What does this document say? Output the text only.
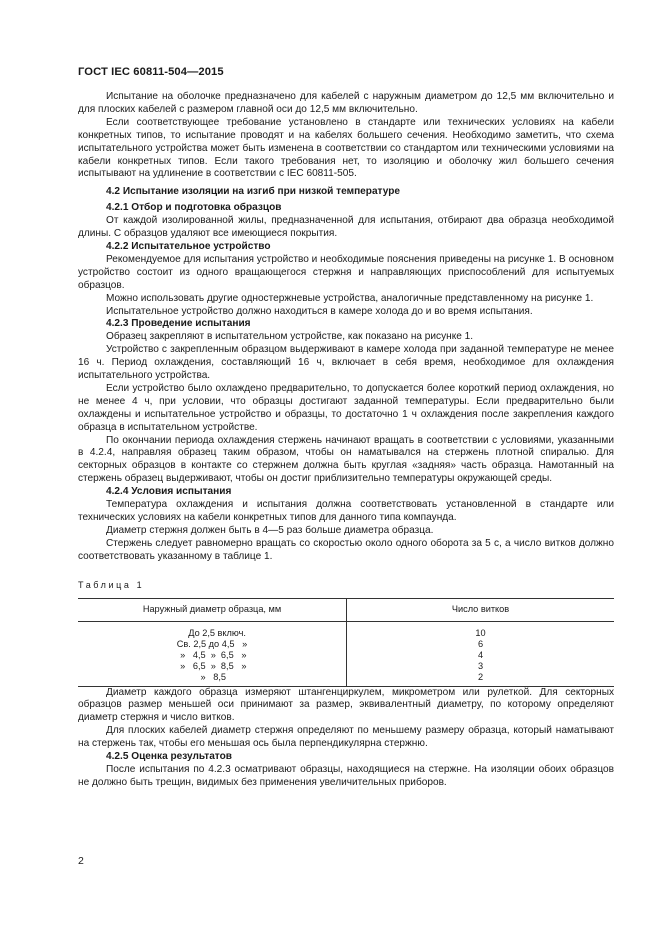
ГОСТ IEC 60811-504—2015

Испытание на оболочке предназначено для кабелей с наружным диаметром до 12,5 мм включительно и для плоских кабелей с размером главной оси до 12,5 мм включительно.

Если соответствующее требование установлено в стандарте или технических условиях на кабели конкретных типов, то испытание проводят и на кабелях большего сечения. Необходимо заметить, что схема испытательного устройства может быть изменена в соответствии со стандартом или техническими условиями на кабели конкретных типов. Если такого требования нет, то изоляцию и оболочку жил большего сечения испытывают на удлинение в соответствии с IEC 60811-505.

4.2 Испытание изоляции на изгиб при низкой температуре
4.2.1 Отбор и подготовка образцов

От каждой изолированной жилы, предназначенной для испытания, отбирают два образца необходимой длины. С образцов удаляют все имеющиеся покрытия.

4.2.2 Испытательное устройство

Рекомендуемое для испытания устройство и необходимые пояснения приведены на рисунке 1. В основном устройство состоит из одного вращающегося стержня и направляющих приспособлений для испытуемых образцов.

Можно использовать другие одностержневые устройства, аналогичные представленному на рисунке 1.

Испытательное устройство должно находиться в камере холода до и во время испытания.

4.2.3 Проведение испытания

Образец закрепляют в испытательном устройстве, как показано на рисунке 1.

Устройство с закрепленным образцом выдерживают в камере холода при заданной температуре не менее 16 ч. Период охлаждения, составляющий 16 ч, включает в себя время, необходимое для охлаждения испытательного устройства.

Если устройство было охлаждено предварительно, то допускается более короткий период охлаждения, но не менее 4 ч, при условии, что образцы достигают заданной температуры. Если предварительно были охлаждены и испытательное устройство и образцы, то достаточно 1 ч охлаждения после закрепления каждого образца в испытательном устройстве.

По окончании периода охлаждения стержень начинают вращать в соответствии с условиями, указанными в 4.2.4, направляя образец таким образом, чтобы он наматывался на стержень плотной спиралью. Для секторных образцов в контакте со стержнем должна быть круглая «задняя» часть образца. Намотанный на стержень образец выдерживают, чтобы он достиг приблизительно температуры окружающей среды.

4.2.4 Условия испытания

Температура охлаждения и испытания должна соответствовать установленной в стандарте или технических условиях на кабели конкретных типов для данного типа компаунда.

Диаметр стержня должен быть в 4—5 раз больше диаметра образца.

Стержень следует равномерно вращать со скоростью около одного оборота за 5 с, а число витков должно соответствовать указанному в таблице 1.

Таблица 1
Наружный диаметр образца, мм	Число витков
До 2,5 включ.	10
Св. 2,5 до 4,5   »	6
»   4,5  »  6,5   »	4
»   6,5  »  8,5   »	3
»   8,5	2

Диаметр каждого образца измеряют штангенциркулем, микрометром или рулеткой. Для секторных образцов размер меньшей оси принимают за размер, эквивалентный диаметру, по которому определяют диаметр стержня и число витков.

Для плоских кабелей диаметр стержня определяют по меньшему размеру образца, который наматывают на стержень так, чтобы его меньшая ось была перпендикулярна стержню.

4.2.5 Оценка результатов

После испытания по 4.2.3 осматривают образцы, находящиеся на стержне. На изоляции обоих образцов не должно быть трещин, видимых без применения увеличительных приборов.

2
